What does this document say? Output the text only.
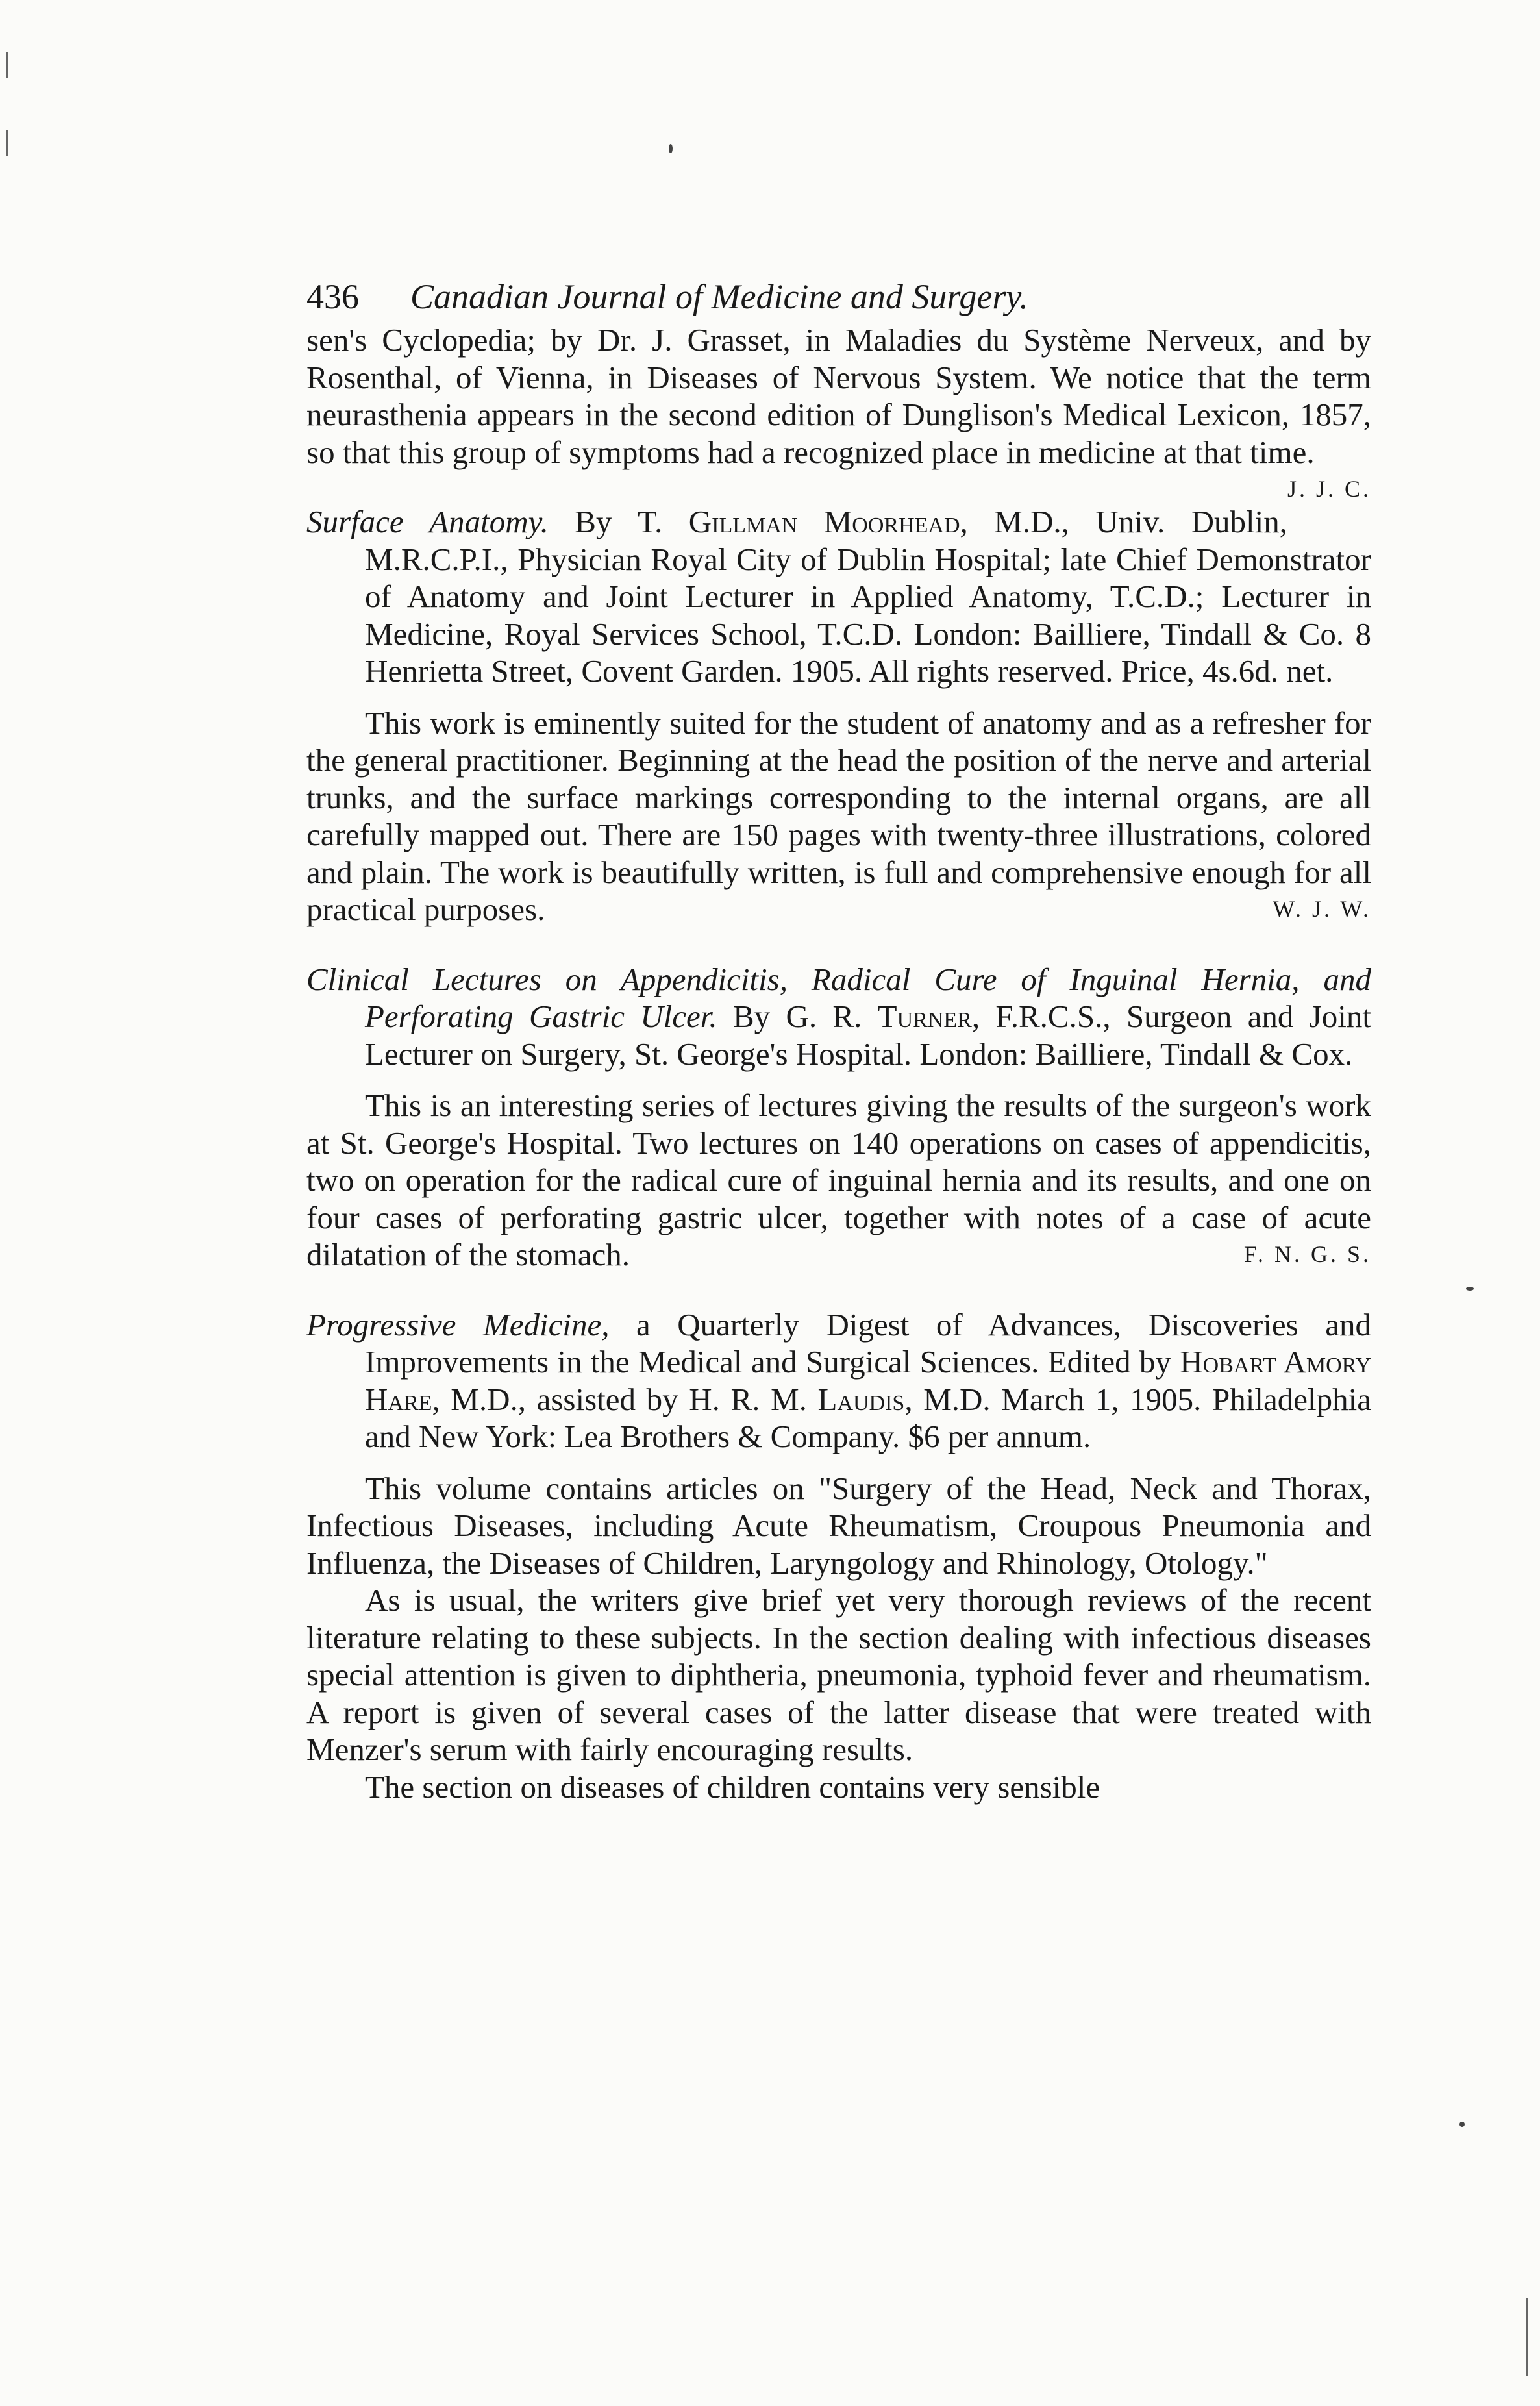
436 Canadian Journal of Medicine and Surgery.

sen's Cyclopedia; by Dr. J. Grasset, in Maladies du Système Nerveux, and by Rosenthal, of Vienna, in Diseases of Nervous System. We notice that the term neurasthenia appears in the second edition of Dunglison's Medical Lexicon, 1857, so that this group of symptoms had a recognized place in medicine at that time.
J. J. C.

Surface Anatomy. By T. Gillman Moorhead, M.D., Univ. Dublin, M.R.C.P.I., Physician Royal City of Dublin Hospital; late Chief Demonstrator of Anatomy and Joint Lecturer in Applied Anatomy, T.C.D.; Lecturer in Medicine, Royal Services School, T.C.D. London: Bailliere, Tindall & Co. 8 Henrietta Street, Covent Garden. 1905. All rights reserved. Price, 4s.6d. net.

This work is eminently suited for the student of anatomy and as a refresher for the general practitioner. Beginning at the head the position of the nerve and arterial trunks, and the surface markings corresponding to the internal organs, are all carefully mapped out. There are 150 pages with twenty-three illustrations, colored and plain. The work is beautifully written, is full and comprehensive enough for all practical purposes.	W. J. W.

Clinical Lectures on Appendicitis, Radical Cure of Inguinal Hernia, and Perforating Gastric Ulcer. By G. R. Turner, F.R.C.S., Surgeon and Joint Lecturer on Surgery, St. George's Hospital. London: Bailliere, Tindall & Cox.

This is an interesting series of lectures giving the results of the surgeon's work at St. George's Hospital. Two lectures on 140 operations on cases of appendicitis, two on operation for the radical cure of inguinal hernia and its results, and one on four cases of perforating gastric ulcer, together with notes of a case of acute dilatation of the stomach.	F. N. G. S.

Progressive Medicine, a Quarterly Digest of Advances, Discoveries and Improvements in the Medical and Surgical Sciences. Edited by Hobart Amory Hare, M.D., assisted by H. R. M. Laudis, M.D. March 1, 1905. Philadelphia and New York: Lea Brothers & Company. $6 per annum.

This volume contains articles on "Surgery of the Head, Neck and Thorax, Infectious Diseases, including Acute Rheumatism, Croupous Pneumonia and Influenza, the Diseases of Children, Laryngology and Rhinology, Otology."

As is usual, the writers give brief yet very thorough reviews of the recent literature relating to these subjects. In the section dealing with infectious diseases special attention is given to diphtheria, pneumonia, typhoid fever and rheumatism. A report is given of several cases of the latter disease that were treated with Menzer's serum with fairly encouraging results.

The section on diseases of children contains very sensible
